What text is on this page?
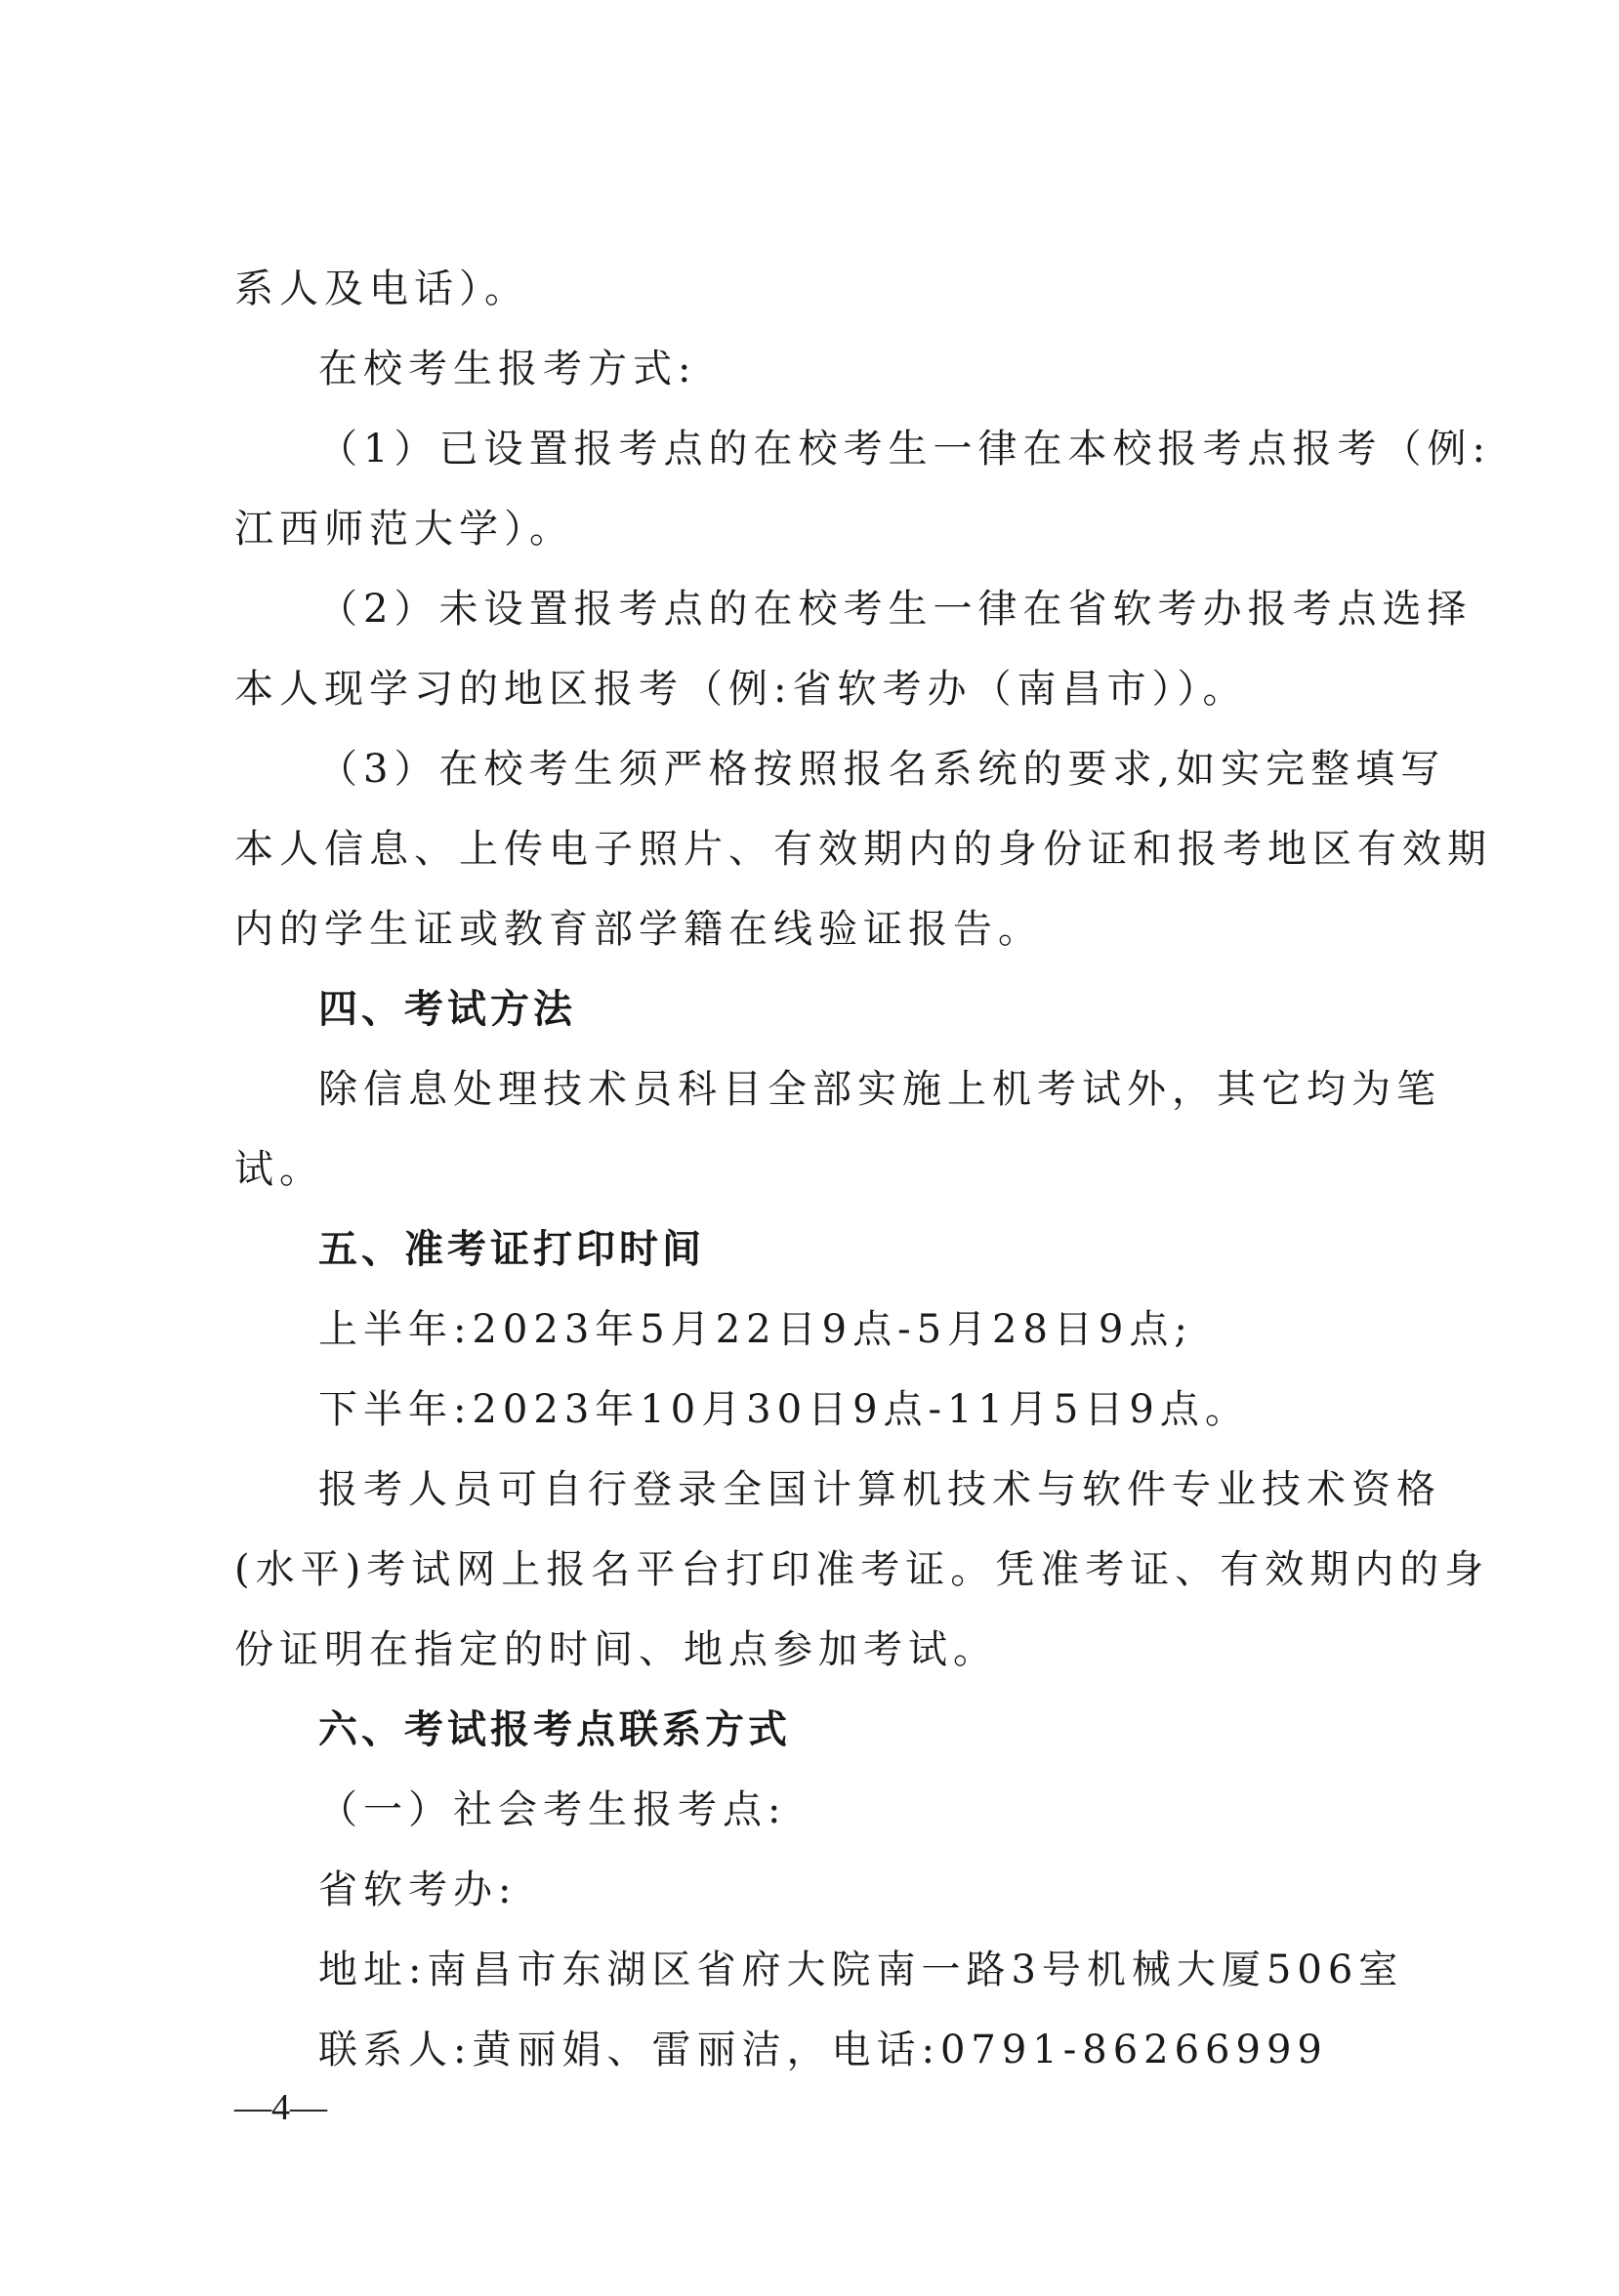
系人及电话）。
在校考生报考方式:
（1）已设置报考点的在校考生一律在本校报考点报考（例:
江西师范大学）。
（2）未设置报考点的在校考生一律在省软考办报考点选择
本人现学习的地区报考（例:省软考办（南昌市））。
（3）在校考生须严格按照报名系统的要求,如实完整填写
本人信息、上传电子照片、有效期内的身份证和报考地区有效期
内的学生证或教育部学籍在线验证报告。
四、考试方法
除信息处理技术员科目全部实施上机考试外，其它均为笔
试。
五、准考证打印时间
上半年:2023年5月22日9点-5月28日9点;
下半年:2023年10月30日9点-11月5日9点。
报考人员可自行登录全国计算机技术与软件专业技术资格
(水平)考试网上报名平台打印准考证。凭准考证、有效期内的身
份证明在指定的时间、地点参加考试。
六、考试报考点联系方式
（一）社会考生报考点:
省软考办:
地址:南昌市东湖区省府大院南一路3号机械大厦506室
联系人:黄丽娟、雷丽洁，电话:0791-86266999
—4—
